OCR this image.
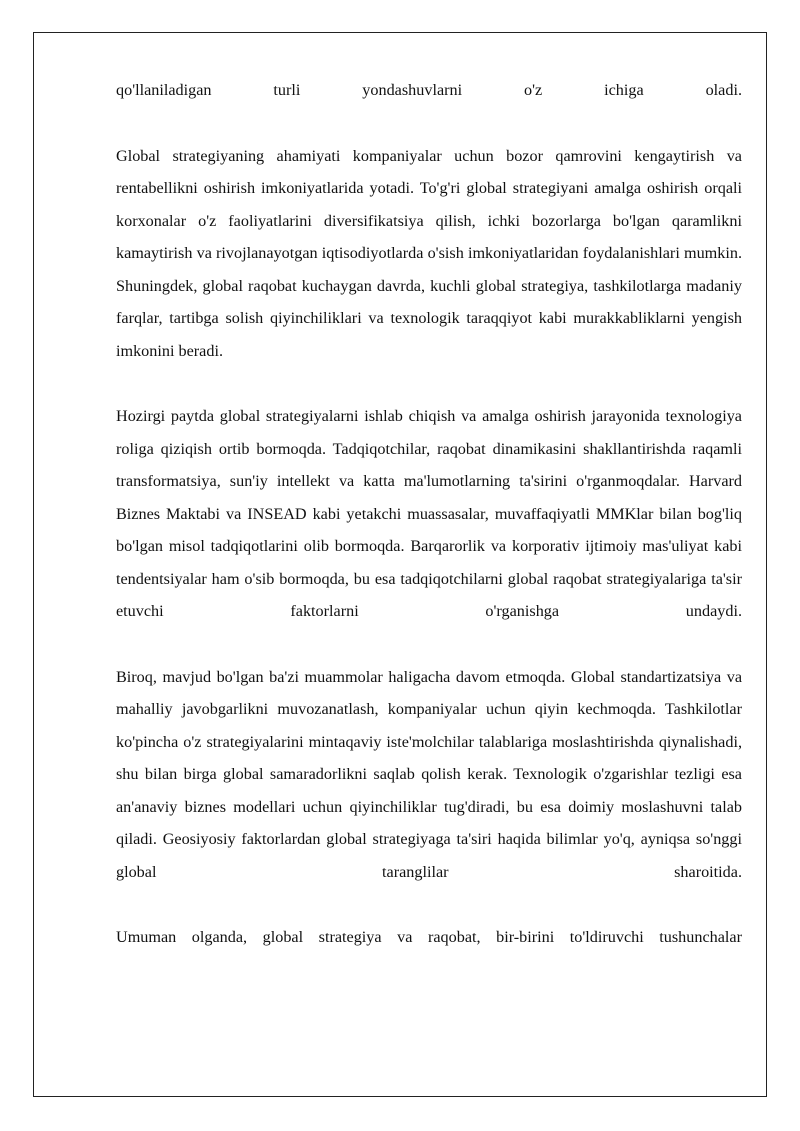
qo'llaniladigan turli yondashuvlarni o'z ichiga oladi.

Global strategiyaning ahamiyati kompaniyalar uchun bozor qamrovini kengaytirish va rentabellikni oshirish imkoniyatlarida yotadi. To'g'ri global strategiyani amalga oshirish orqali korxonalar o'z faoliyatlarini diversifikatsiya qilish, ichki bozorlarga bo'lgan qaramlikni kamaytirish va rivojlanayotgan iqtisodiyotlarda o'sish imkoniyatlaridan foydalanishlari mumkin. Shuningdek, global raqobat kuchaygan davrda, kuchli global strategiya, tashkilotlarga madaniy farqlar, tartibga solish qiyinchiliklari va texnologik taraqqiyot kabi murakkabliklarni yengish imkonini beradi.

Hozirgi paytda global strategiyalarni ishlab chiqish va amalga oshirish jarayonida texnologiya roliga qiziqish ortib bormoqda. Tadqiqotchilar, raqobat dinamikasini shakllantirishda raqamli transformatsiya, sun'iy intellekt va katta ma'lumotlarning ta'sirini o'rganmoqdalar. Harvard Biznes Maktabi va INSEAD kabi yetakchi muassasalar, muvaffaqiyatli MMKlar bilan bog'liq bo'lgan misol tadqiqotlarini olib bormoqda. Barqarorlik va korporativ ijtimoiy mas'uliyat kabi tendentsiyalar ham o'sib bormoqda, bu esa tadqiqotchilarni global raqobat strategiyalariga ta'sir etuvchi faktorlarni o'rganishga undaydi.

Biroq, mavjud bo'lgan ba'zi muammolar haligacha davom etmoqda. Global standartizatsiya va mahalliy javobgarlikni muvozanatlash, kompaniyalar uchun qiyin kechmoqda. Tashkilotlar ko'pincha o'z strategiyalarini mintaqaviy iste'molchilar talablariga moslashtirishda qiynalishadi, shu bilan birga global samaradorlikni saqlab qolish kerak. Texnologik o'zgarishlar tezligi esa an'anaviy biznes modellari uchun qiyinchiliklar tug'diradi, bu esa doimiy moslashuvni talab qiladi. Geosiyosiy faktorlardan global strategiyaga ta'siri haqida bilimlar yo'q, ayniqsa so'nggi global taranglilar sharoitida.

Umuman olganda, global strategiya va raqobat, bir-birini to'ldiruvchi tushunchalar
